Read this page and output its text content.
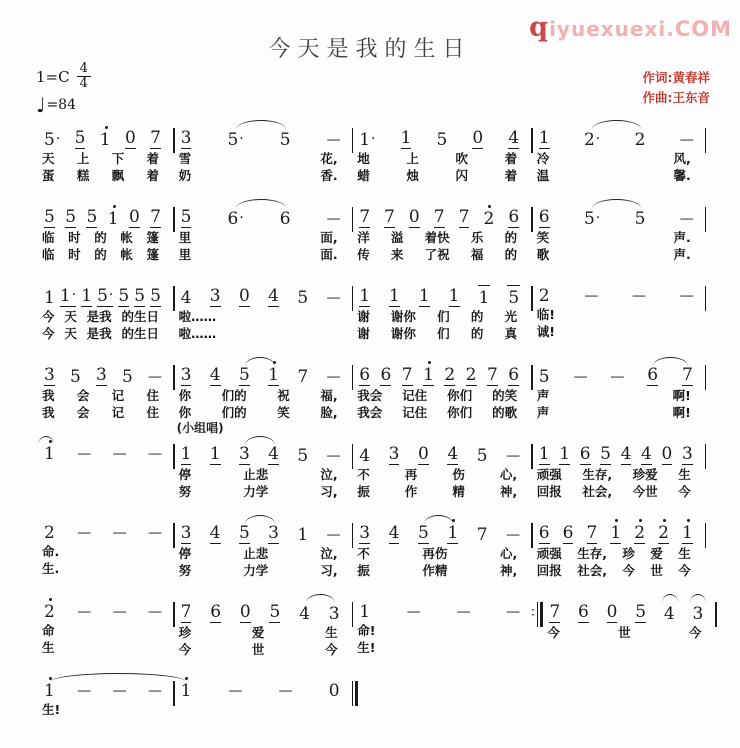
qiyuexuexi.COM
今天是我的生日
$1=C \frac{4}{4}$
♩ =84
作词:黄春祥
作曲:王东音
5· 5 1 0 7
天 上 下 着
蛋 糕 飘 着
3 5· 5	—
雪	花,
奶	香.
1· 1 5 0 4
地	上	吹	着
蜡	烛	闪	着
1 2· 2 —
冷	风,
温	馨.
5 5 5 1 0 7
临 时 的 帐 篷
临 时 的 帐 篷
5 6· 6	—
里	面,
里	面.
7 7 0 7 7 2 6
洋 溢 着快 乐 的
传 来 了祝 福 的
6 5· 5 —
笑	声.
歌	声.
1 1· 1 5· 5 5 5
今 天 是我 的生日
今 天 是我 的生日
4 3 0 4 5 —
啦……
啦……
1 1 1 1 1 5
谢 谢你 们 的 光
谢 谢你 们 的 真
2 — — —
临!
诚!
3 5 3 5 —
我 会 记 住
我 会 记 住
3 4 5 1 7 —
你 们的 祝 福,
你 们的 笑 脸,
(小组唱)
6 6 7 1 2 2 7 6
我会 记住 你们 的笑
我会 记住 你们 的歌
5 — — 6 7
声	啊!
声	啊!
1 — — — 1 1 3 4 5 —
停	止悲	泣,
努	力学	习,
4 3 0 4 5 —
不	再	伤	心,
振	作	精	神,
1 1 6 5 4 4 0 3
顽强 生存, 珍爱 生
回报 社会, 今世 今
2 — — —
命.
生.
3 4 5 3 1 —
停	止悲	泣,
努	力学	习,
3 4 5 1 7 —
不	再伤	心,
振	作精	神,
6 6 7 1 2 2 1
顽强 生存, 珍 爱 生
回报 社会, 今 世 今
2 — — —
命
生
7 6 0 5 4 3
珍	爱	生
今	世	今
1	—	—	—
命!
生!
∶ 7 6 0 5 4 3
今	世	今
1 — — —
生!
1	—	— 0
